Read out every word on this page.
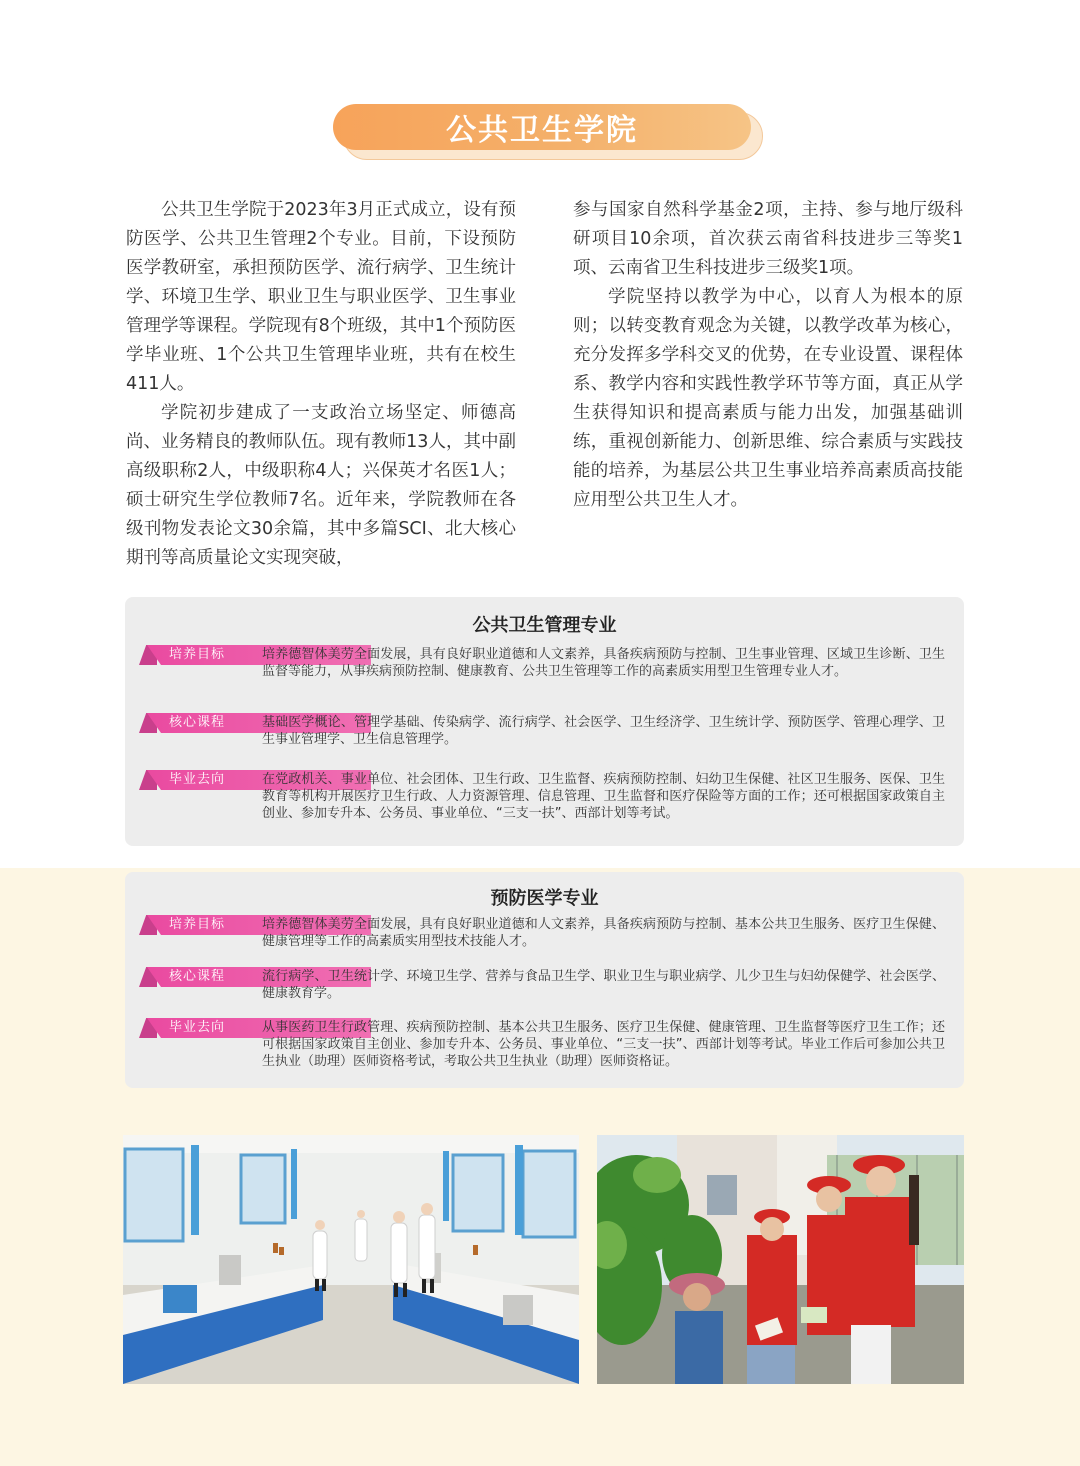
公共卫生学院

公共卫生学院于2023年3月正式成立，设有预防医学、公共卫生管理2个专业。目前，下设预防医学教研室，承担预防医学、流行病学、卫生统计学、环境卫生学、职业卫生与职业医学、卫生事业管理学等课程。学院现有8个班级，其中1个预防医学毕业班、1个公共卫生管理毕业班，共有在校生411人。

学院初步建成了一支政治立场坚定、师德高尚、业务精良的教师队伍。现有教师13人，其中副高级职称2人，中级职称4人；兴保英才名医1人；硕士研究生学位教师7名。近年来，学院教师在各级刊物发表论文30余篇，其中多篇SCI、北大核心期刊等高质量论文实现突破，

参与国家自然科学基金2项，主持、参与地厅级科研项目10余项，首次获云南省科技进步三等奖1项、云南省卫生科技进步三级奖1项。

学院坚持以教学为中心，以育人为根本的原则；以转变教育观念为关键，以教学改革为核心，充分发挥多学科交叉的优势，在专业设置、课程体系、教学内容和实践性教学环节等方面，真正从学生获得知识和提高素质与能力出发，加强基础训练，重视创新能力、创新思维、综合素质与实践技能的培养，为基层公共卫生事业培养高素质高技能应用型公共卫生人才。

公共卫生管理专业
培养目标	培养德智体美劳全面发展，具有良好职业道德和人文素养，具备疾病预防与控制、卫生事业管理、区域卫生诊断、卫生监督等能力，从事疾病预防控制、健康教育、公共卫生管理等工作的高素质实用型卫生管理专业人才。
核心课程	基础医学概论、管理学基础、传染病学、流行病学、社会医学、卫生经济学、卫生统计学、预防医学、管理心理学、卫生事业管理学、卫生信息管理学。
毕业去向	在党政机关、事业单位、社会团体、卫生行政、卫生监督、疾病预防控制、妇幼卫生保健、社区卫生服务、医保、卫生教育等机构开展医疗卫生行政、人力资源管理、信息管理、卫生监督和医疗保险等方面的工作；还可根据国家政策自主创业、参加专升本、公务员、事业单位、“三支一扶”、西部计划等考试。
预防医学专业
培养目标	培养德智体美劳全面发展，具有良好职业道德和人文素养，具备疾病预防与控制、基本公共卫生服务、医疗卫生保健、健康管理等工作的高素质实用型技术技能人才。
核心课程	流行病学、卫生统计学、环境卫生学、营养与食品卫生学、职业卫生与职业病学、儿少卫生与妇幼保健学、社会医学、健康教育学。
毕业去向	从事医药卫生行政管理、疾病预防控制、基本公共卫生服务、医疗卫生保健、健康管理、卫生监督等医疗卫生工作；还可根据国家政策自主创业、参加专升本、公务员、事业单位、“三支一扶”、西部计划等考试。毕业工作后可参加公共卫生执业（助理）医师资格考试，考取公共卫生执业（助理）医师资格证。
